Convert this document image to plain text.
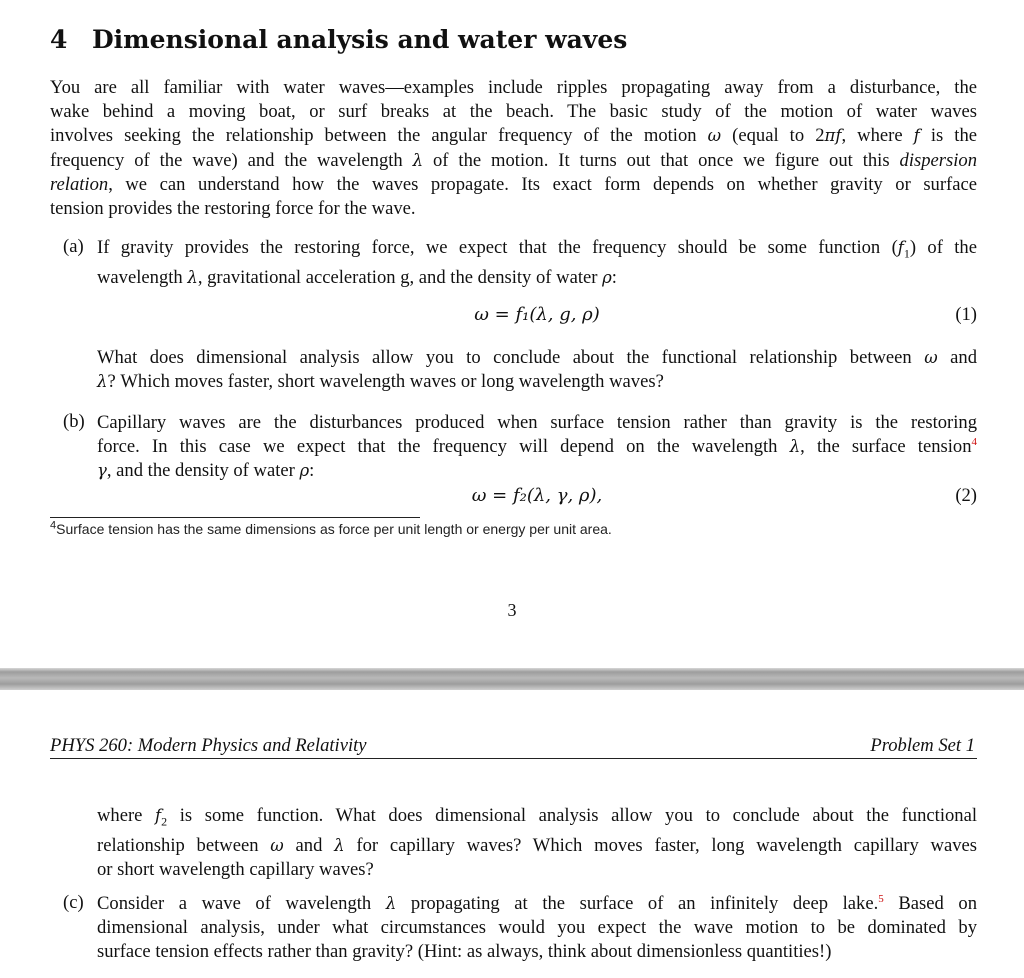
4 Dimensional analysis and water waves
You are all familiar with water waves—examples include ripples propagating away from a disturbance, the
wake behind a moving boat, or surf breaks at the beach. The basic study of the motion of water waves
involves seeking the relationship between the angular frequency of the motion ω (equal to 2πf, where f is the
frequency of the wave) and the wavelength λ of the motion. It turns out that once we figure out this dispersion
relation, we can understand how the waves propagate. Its exact form depends on whether gravity or surface
tension provides the restoring force for the wave.
(a) If gravity provides the restoring force, we expect that the frequency should be some function $(f_1)$ of the
wavelength λ, gravitational acceleration g, and the density of water ρ:
ω = f₁(λ, g, ρ)	(1)
What does dimensional analysis allow you to conclude about the functional relationship between ω and
λ? Which moves faster, short wavelength waves or long wavelength waves?
(b) Capillary waves are the disturbances produced when surface tension rather than gravity is the restoring
force. In this case we expect that the frequency will depend on the wavelength λ, the surface tension$^4$
γ, and the density of water ρ:
ω = f₂(λ, γ, ρ),	(2)
$^4$Surface tension has the same dimensions as force per unit length or energy per unit area.
3
PHYS 260: Modern Physics and Relativity	Problem Set 1
where $f_2$ is some function. What does dimensional analysis allow you to conclude about the functional
relationship between ω and λ for capillary waves? Which moves faster, long wavelength capillary waves
or short wavelength capillary waves?
(c) Consider a wave of wavelength λ propagating at the surface of an infinitely deep lake.$^5$ Based on
dimensional analysis, under what circumstances would you expect the wave motion to be dominated by
surface tension effects rather than gravity? (Hint: as always, think about dimensionless quantities!)
